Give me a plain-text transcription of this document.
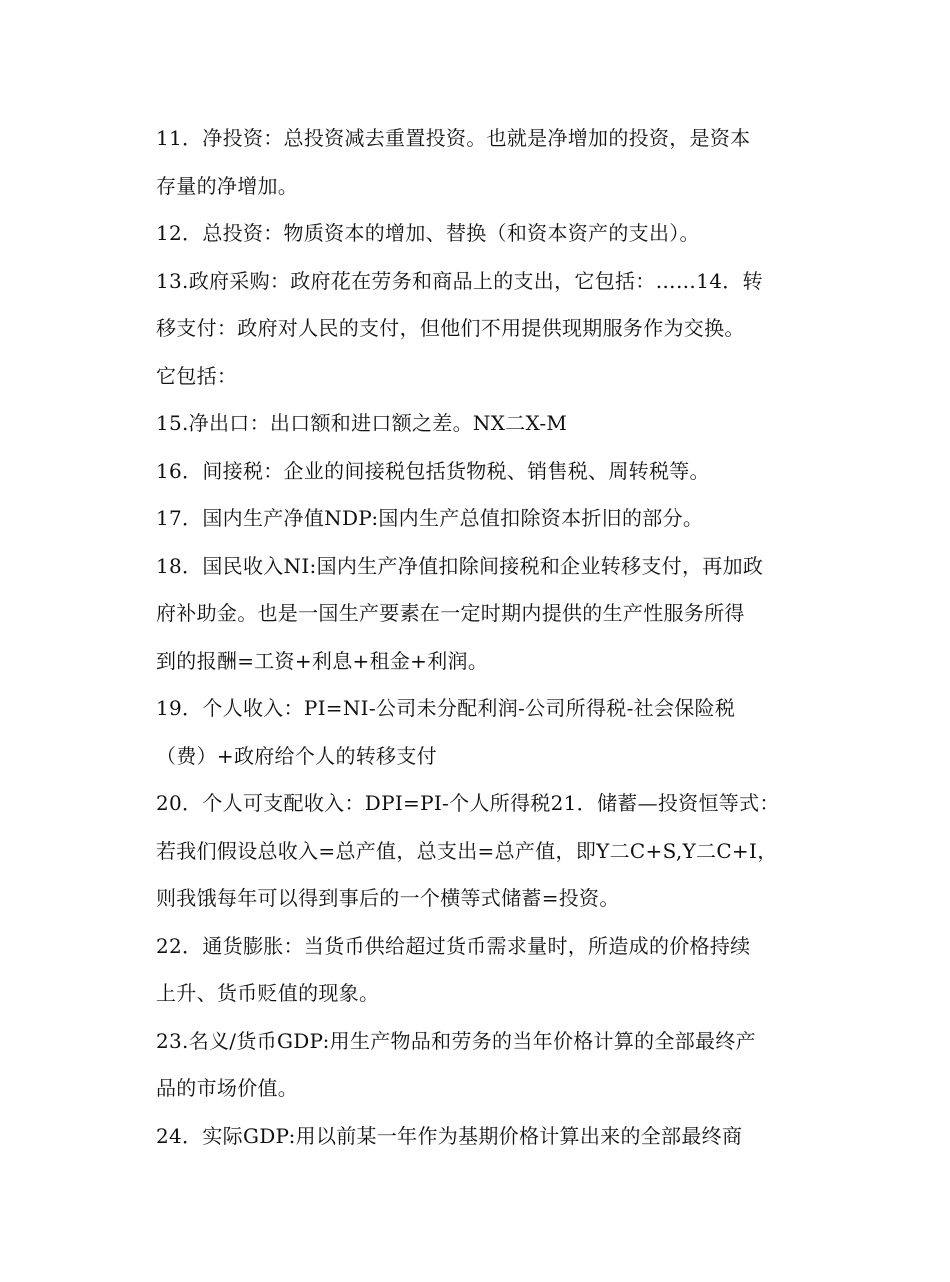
11．净投资：总投资减去重置投资。也就是净增加的投资，是资本
存量的净增加。
12．总投资：物质资本的增加、替换（和资本资产的支出）。
13.政府采购：政府花在劳务和商品上的支出，它包括：……14．转
移支付：政府对人民的支付，但他们不用提供现期服务作为交换。
它包括：
15.净出口：出口额和进口额之差。NX二X-M
16．间接税：企业的间接税包括货物税、销售税、周转税等。
17．国内生产净值NDP:国内生产总值扣除资本折旧的部分。
18．国民收入NI:国内生产净值扣除间接税和企业转移支付，再加政
府补助金。也是一国生产要素在一定时期内提供的生产性服务所得
到的报酬=工资+利息+租金+利润。
19．个人收入：PI=NI-公司未分配利润-公司所得税-社会保险税
（费）+政府给个人的转移支付
20．个人可支配收入：DPI=PI-个人所得税21．储蓄—投资恒等式：
若我们假设总收入=总产值，总支出=总产值，即Y二C+S,Y二C+I，
则我饿每年可以得到事后的一个横等式储蓄=投资。
22．通货膨胀：当货币供给超过货币需求量时，所造成的价格持续
上升、货币贬值的现象。
23.名义/货币GDP:用生产物品和劳务的当年价格计算的全部最终产
品的市场价值。
24．实际GDP:用以前某一年作为基期价格计算出来的全部最终商
